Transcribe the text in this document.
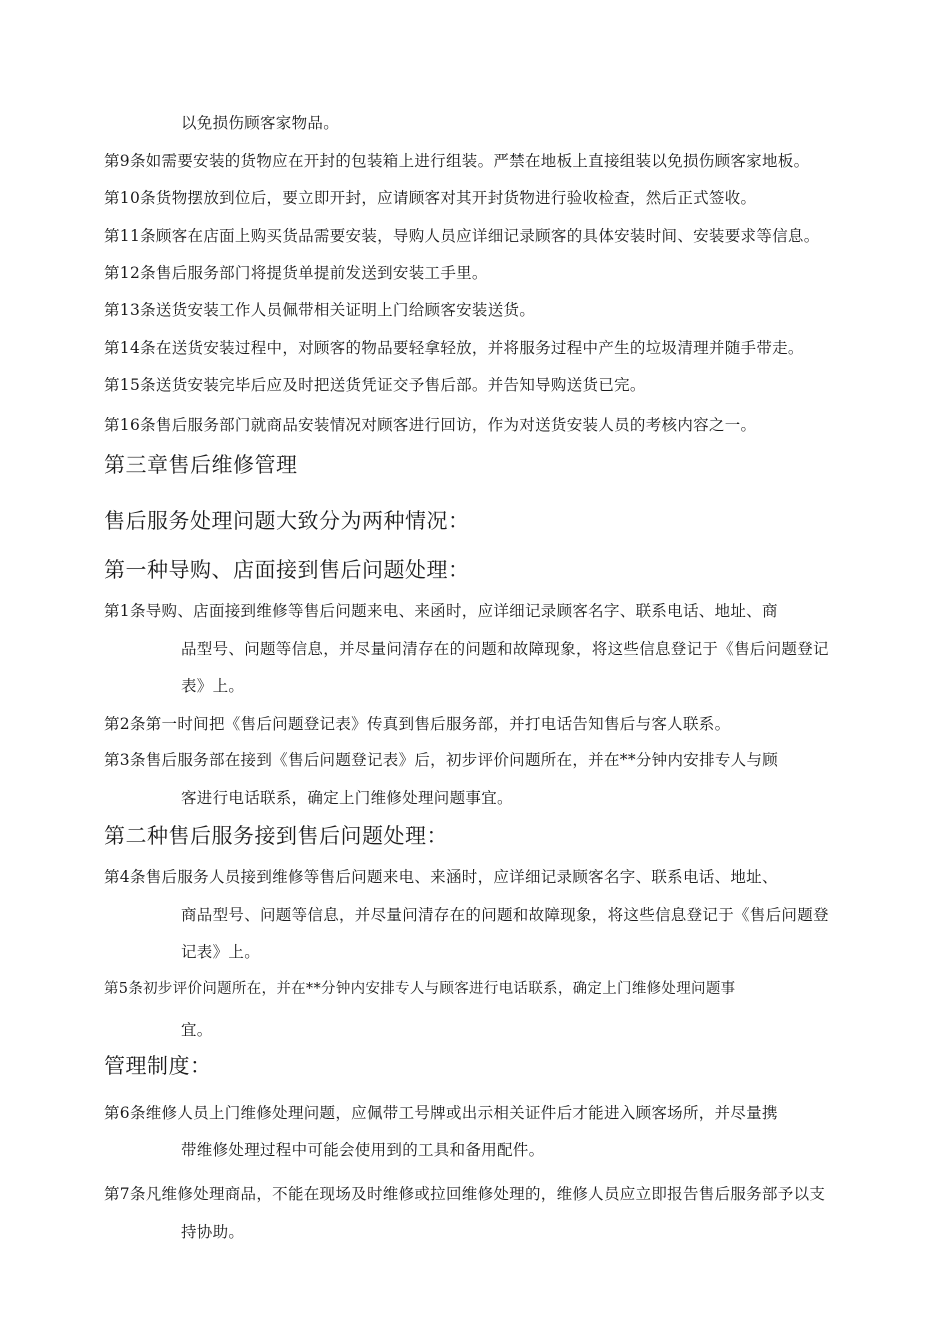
以免损伤顾客家物品。
第9条如需要安装的货物应在开封的包装箱上进行组装。严禁在地板上直接组装以免损伤顾客家地板。
第10条货物摆放到位后，要立即开封，应请顾客对其开封货物进行验收检查，然后正式签收。
第11条顾客在店面上购买货品需要安装，导购人员应详细记录顾客的具体安装时间、安装要求等信息。
第12条售后服务部门将提货单提前发送到安装工手里。
第13条送货安装工作人员佩带相关证明上门给顾客安装送货。
第14条在送货安装过程中，对顾客的物品要轻拿轻放，并将服务过程中产生的垃圾清理并随手带走。
第15条送货安装完毕后应及时把送货凭证交予售后部。并告知导购送货已完。
第16条售后服务部门就商品安装情况对顾客进行回访，作为对送货安装人员的考核内容之一。
第三章售后维修管理
售后服务处理问题大致分为两种情况：
第一种导购、店面接到售后问题处理：
第1条导购、店面接到维修等售后问题来电、来函时，应详细记录顾客名字、联系电话、地址、商
品型号、问题等信息，并尽量问清存在的问题和故障现象，将这些信息登记于《售后问题登记
表》上。
第2条第一时间把《售后问题登记表》传真到售后服务部，并打电话告知售后与客人联系。
第3条售后服务部在接到《售后问题登记表》后，初步评价问题所在，并在**分钟内安排专人与顾
客进行电话联系，确定上门维修处理问题事宜。
第二种售后服务接到售后问题处理：
第4条售后服务人员接到维修等售后问题来电、来涵时，应详细记录顾客名字、联系电话、地址、
商品型号、问题等信息，并尽量问清存在的问题和故障现象，将这些信息登记于《售后问题登
记表》上。
第5条初步评价问题所在，并在**分钟内安排专人与顾客进行电话联系，确定上门维修处理问题事
宜。
管理制度：
第6条维修人员上门维修处理问题，应佩带工号牌或出示相关证件后才能进入顾客场所，并尽量携
带维修处理过程中可能会使用到的工具和备用配件。
第7条凡维修处理商品，不能在现场及时维修或拉回维修处理的，维修人员应立即报告售后服务部予以支
持协助。
